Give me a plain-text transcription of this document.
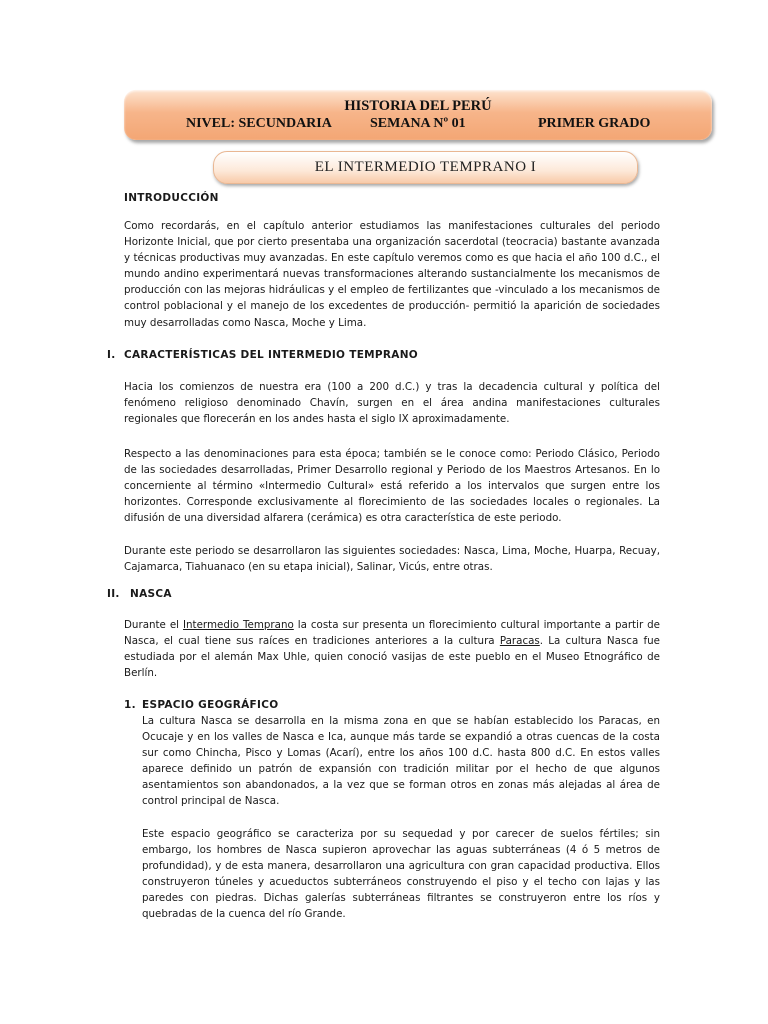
HISTORIA DEL PERÚ
NIVEL: SECUNDARIA	SEMANA Nº 01	PRIMER GRADO
EL INTERMEDIO TEMPRANO I
INTRODUCCIÓN
Como recordarás, en el capítulo anterior estudiamos las manifestaciones culturales del periodo Horizonte Inicial, que por cierto presentaba una organización sacerdotal (teocracia) bastante avanzada y técnicas productivas muy avanzadas. En este capítulo veremos como es que hacia el año 100 d.C., el mundo andino experimentará nuevas transformaciones alterando sustancialmente los mecanismos de producción con las mejoras hidráulicas y el empleo de fertilizantes que -vinculado a los mecanismos de control poblacional y el manejo de los excedentes de producción- permitió la aparición de sociedades muy desarrolladas como Nasca, Moche y Lima.
I. CARACTERÍSTICAS DEL INTERMEDIO TEMPRANO
Hacia los comienzos de nuestra era (100 a 200 d.C.) y tras la decadencia cultural y política del fenómeno religioso denominado Chavín, surgen en el área andina manifestaciones culturales regionales que florecerán en los andes hasta el siglo IX aproximadamente.
Respecto a las denominaciones para esta época; también se le conoce como: Periodo Clásico, Periodo de las sociedades desarrolladas, Primer Desarrollo regional y Periodo de los Maestros Artesanos. En lo concerniente al término «Intermedio Cultural» está referido a los intervalos que surgen entre los horizontes. Corresponde exclusivamente al florecimiento de las sociedades locales o regionales. La difusión de una diversidad alfarera (cerámica) es otra característica de este periodo.
Durante este periodo se desarrollaron las siguientes sociedades: Nasca, Lima, Moche, Huarpa, Recuay, Cajamarca, Tiahuanaco (en su etapa inicial), Salinar, Vicús, entre otras.
II. NASCA
Durante el Intermedio Temprano la costa sur presenta un florecimiento cultural importante a partir de Nasca, el cual tiene sus raíces en tradiciones anteriores a la cultura Paracas. La cultura Nasca fue estudiada por el alemán Max Uhle, quien conoció vasijas de este pueblo en el Museo Etnográfico de Berlín.
1. ESPACIO GEOGRÁFICO
La cultura Nasca se desarrolla en la misma zona en que se habían establecido los Paracas, en Ocucaje y en los valles de Nasca e Ica, aunque más tarde se expandió a otras cuencas de la costa sur como Chincha, Pisco y Lomas (Acarí), entre los años 100 d.C. hasta 800 d.C. En estos valles aparece definido un patrón de expansión con tradición militar por el hecho de que algunos asentamientos son abandonados, a la vez que se forman otros en zonas más alejadas al área de control principal de Nasca.
Este espacio geográfico se caracteriza por su sequedad y por carecer de suelos fértiles; sin embargo, los hombres de Nasca supieron aprovechar las aguas subterráneas (4 ó 5 metros de profundidad), y de esta manera, desarrollaron una agricultura con gran capacidad productiva. Ellos construyeron túneles y acueductos subterráneos construyendo el piso y el techo con lajas y las paredes con piedras. Dichas galerías subterráneas filtrantes se construyeron entre los ríos y quebradas de la cuenca del río Grande.
